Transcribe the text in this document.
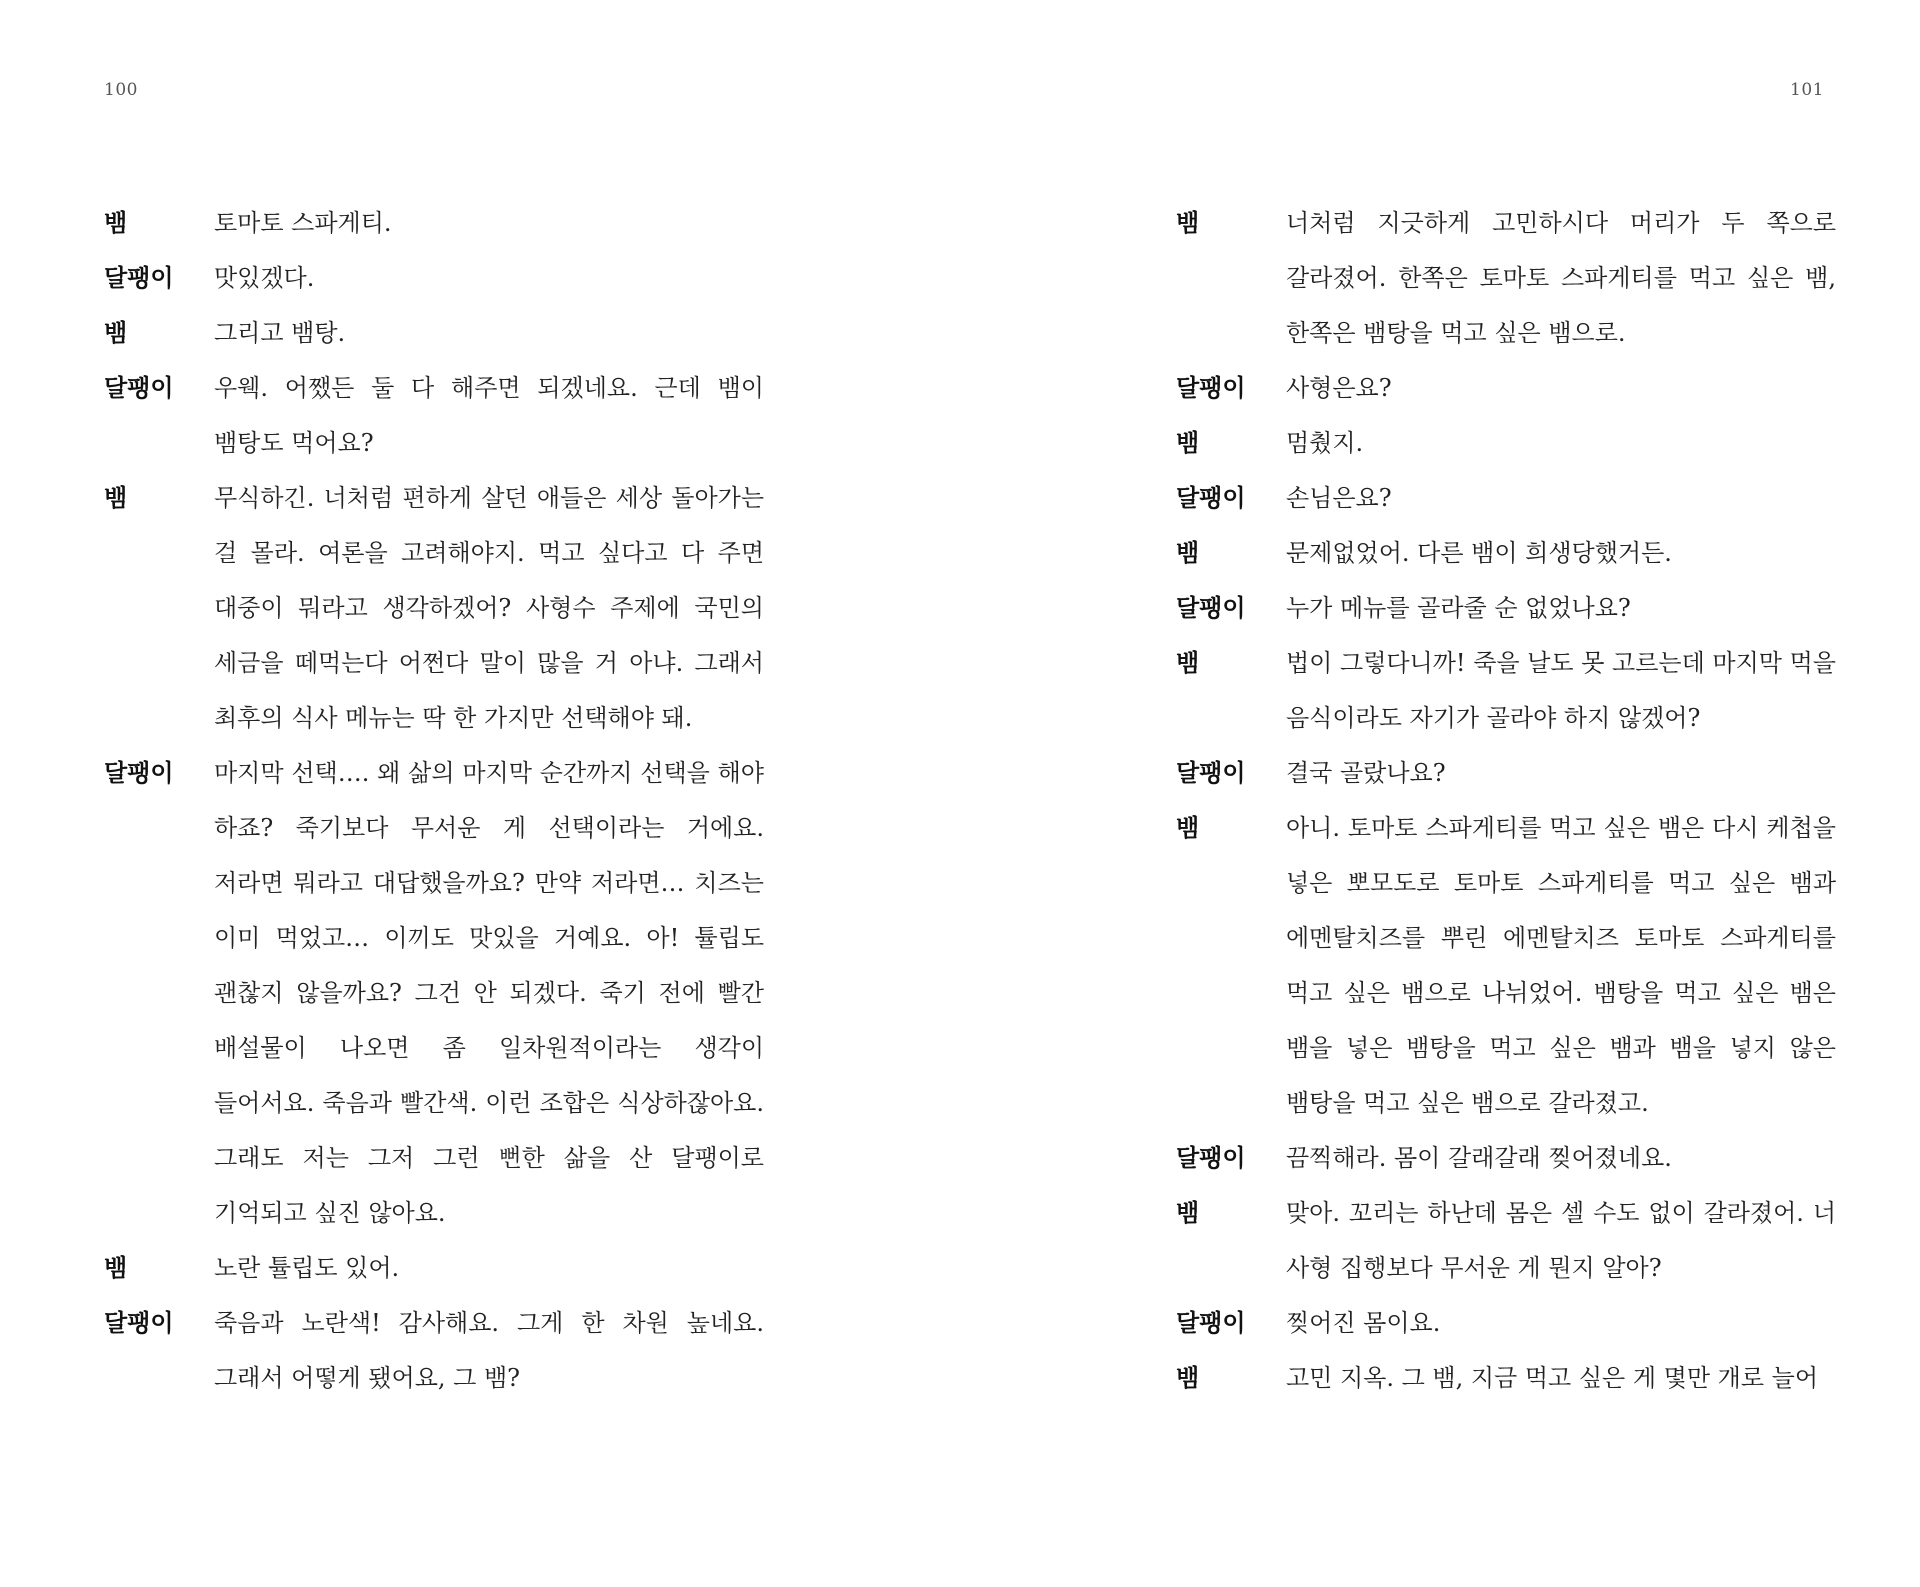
100
뱀	토마토 스파게티.
달팽이	맛있겠다.
뱀	그리고 뱀탕.
달팽이	우웩. 어쨌든 둘 다 해주면 되겠네요. 근데 뱀이 뱀탕도 먹어요?
뱀	무식하긴. 너처럼 편하게 살던 애들은 세상 돌아가는 걸 몰라. 여론을 고려해야지. 먹고 싶다고 다 주면 대중이 뭐라고 생각하겠어? 사형수 주제에 국민의 세금을 떼먹는다 어쩐다 말이 많을 거 아냐. 그래서 최후의 식사 메뉴는 딱 한 가지만 선택해야 돼.
달팽이	마지막 선택…. 왜 삶의 마지막 순간까지 선택을 해야 하죠? 죽기보다 무서운 게 선택이라는 거에요. 저라면 뭐라고 대답했을까요? 만약 저라면… 치즈는 이미 먹었고… 이끼도 맛있을 거예요. 아! 튤립도 괜찮지 않을까요? 그건 안 되겠다. 죽기 전에 빨간 배설물이 나오면 좀 일차원적이라는 생각이 들어서요. 죽음과 빨간색. 이런 조합은 식상하잖아요. 그래도 저는 그저 그런 뻔한 삶을 산 달팽이로 기억되고 싶진 않아요.
뱀	노란 튤립도 있어.
달팽이	죽음과 노란색! 감사해요. 그게 한 차원 높네요. 그래서 어떻게 됐어요, 그 뱀?
101
뱀	너처럼 지긋하게 고민하시다 머리가 두 쪽으로 갈라졌어. 한쪽은 토마토 스파게티를 먹고 싶은 뱀, 한쪽은 뱀탕을 먹고 싶은 뱀으로.
달팽이	사형은요?
뱀	멈췄지.
달팽이	손님은요?
뱀	문제없었어. 다른 뱀이 희생당했거든.
달팽이	누가 메뉴를 골라줄 순 없었나요?
뱀	법이 그렇다니까! 죽을 날도 못 고르는데 마지막 먹을 음식이라도 자기가 골라야 하지 않겠어?
달팽이	결국 골랐나요?
뱀	아니. 토마토 스파게티를 먹고 싶은 뱀은 다시 케첩을 넣은 뽀모도로 토마토 스파게티를 먹고 싶은 뱀과 에멘탈치즈를 뿌린 에멘탈치즈 토마토 스파게티를 먹고 싶은 뱀으로 나뉘었어. 뱀탕을 먹고 싶은 뱀은 뱀을 넣은 뱀탕을 먹고 싶은 뱀과 뱀을 넣지 않은 뱀탕을 먹고 싶은 뱀으로 갈라졌고.
달팽이	끔찍해라. 몸이 갈래갈래 찢어졌네요.
뱀	맞아. 꼬리는 하난데 몸은 셀 수도 없이 갈라졌어. 너 사형 집행보다 무서운 게 뭔지 알아?
달팽이	찢어진 몸이요.
뱀	고민 지옥. 그 뱀, 지금 먹고 싶은 게 몇만 개로 늘어
